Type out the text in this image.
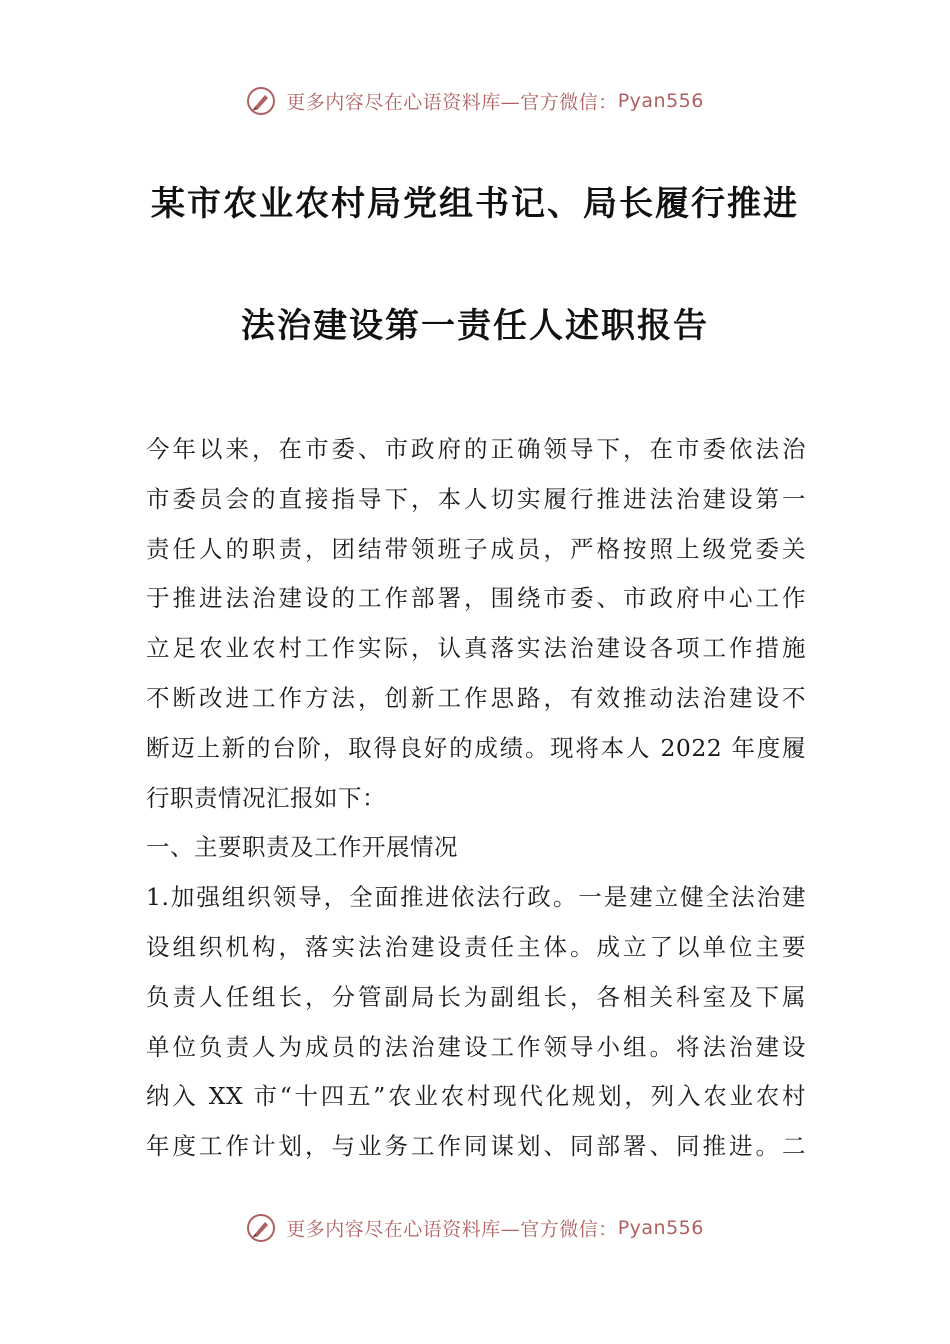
更多内容尽在心语资料库—官方微信：Pyan556
某市农业农村局党组书记、局长履行推进
法治建设第一责任人述职报告
今年以来，在市委、市政府的正确领导下，在市委依法治
市委员会的直接指导下，本人切实履行推进法治建设第一
责任人的职责，团结带领班子成员，严格按照上级党委关
于推进法治建设的工作部署，围绕市委、市政府中心工作
立足农业农村工作实际，认真落实法治建设各项工作措施
不断改进工作方法，创新工作思路，有效推动法治建设不
断迈上新的台阶，取得良好的成绩。现将本人 2022 年度履
行职责情况汇报如下：
一、主要职责及工作开展情况
1.加强组织领导，全面推进依法行政。一是建立健全法治建
设组织机构，落实法治建设责任主体。成立了以单位主要
负责人任组长，分管副局长为副组长，各相关科室及下属
单位负责人为成员的法治建设工作领导小组。将法治建设
纳入 XX 市“十四五”农业农村现代化规划，列入农业农村
年度工作计划，与业务工作同谋划、同部署、同推进。二
更多内容尽在心语资料库—官方微信：Pyan556
